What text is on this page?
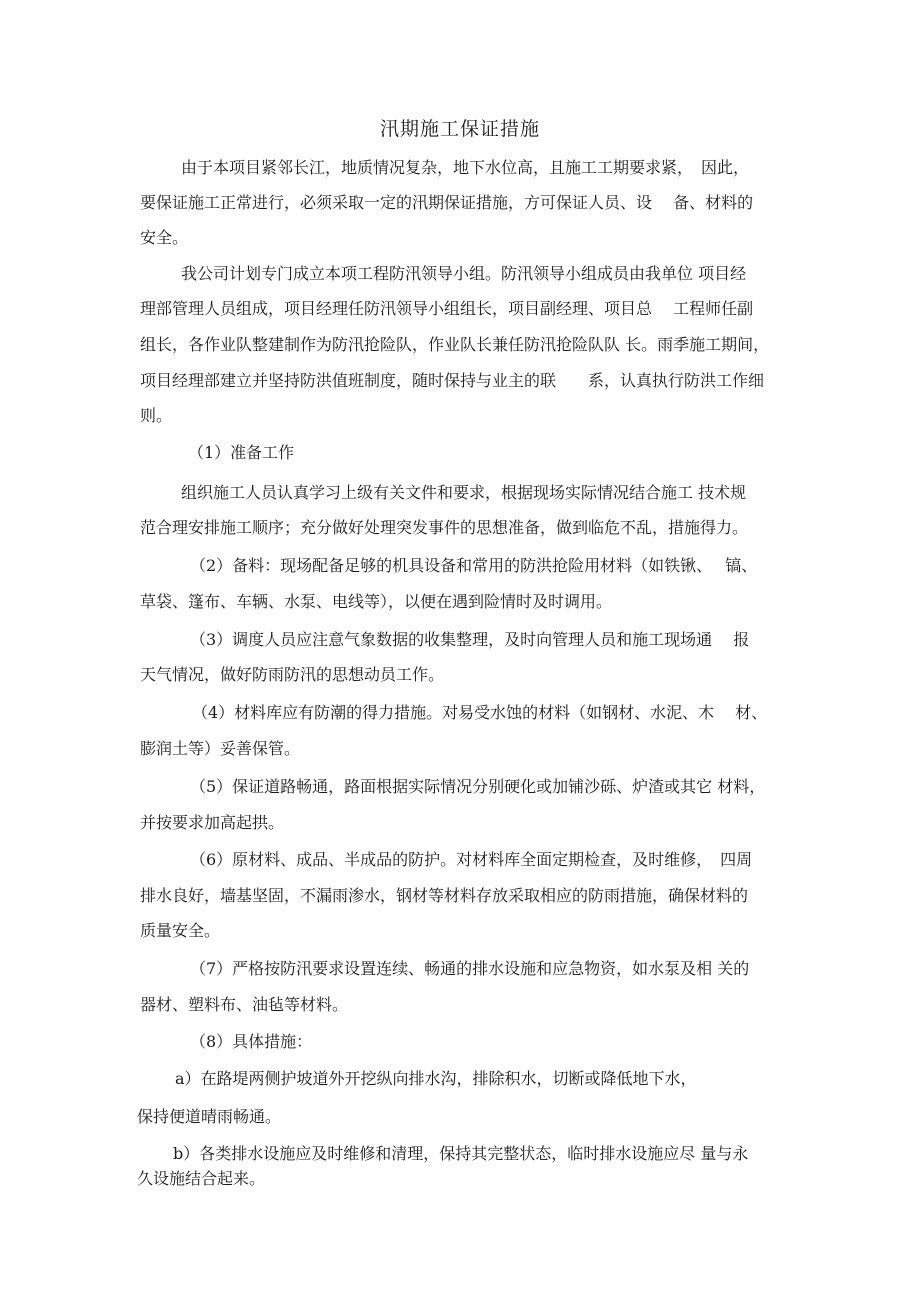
汛期施工保证措施
由于本项目紧邻长江，地质情况复杂，地下水位高，且施工工期要求紧，　因此，
要保证施工正常进行，必须采取一定的汛期保证措施，方可保证人员、设　 备、材料的
安全。
我公司计划专门成立本项工程防汛领导小组。防汛领导小组成员由我单位 项目经
理部管理人员组成，项目经理任防汛领导小组组长，项目副经理、项目总　 工程师任副
组长，各作业队整建制作为防汛抢险队，作业队长兼任防汛抢险队队 长。雨季施工期间，
项目经理部建立并坚持防洪值班制度，随时保持与业主的联　　系，认真执行防洪工作细
则。
（1）准备工作
组织施工人员认真学习上级有关文件和要求，根据现场实际情况结合施工 技术规
范合理安排施工顺序；充分做好处理突发事件的思想准备，做到临危不乱，措施得力。
（2）备料：现场配备足够的机具设备和常用的防洪抢险用材料（如铁锹、　 镐、
草袋、篷布、车辆、水泵、电线等），以便在遇到险情时及时调用。
（3）调度人员应注意气象数据的收集整理，及时向管理人员和施工现场通　 报
天气情况，做好防雨防汛的思想动员工作。
（4）材料库应有防潮的得力措施。对易受水蚀的材料（如钢材、水泥、木　 材、
膨润土等）妥善保管。
（5）保证道路畅通，路面根据实际情况分别硬化或加铺沙砾、炉渣或其它 材料，
并按要求加高起拱。
（6）原材料、成品、半成品的防护。对材料库全面定期检查，及时维修，　四周
排水良好，墙基坚固，不漏雨渗水，钢材等材料存放采取相应的防雨措施，确保材料的
质量安全。
（7）严格按防汛要求设置连续、畅通的排水设施和应急物资，如水泵及相 关的
器材、塑料布、油毡等材料。
（8）具体措施：
a）在路堤两侧护坡道外开挖纵向排水沟，排除积水，切断或降低地下水，
保持便道晴雨畅通。
b）各类排水设施应及时维修和清理，保持其完整状态，临时排水设施应尽 量与永
久设施结合起来。
